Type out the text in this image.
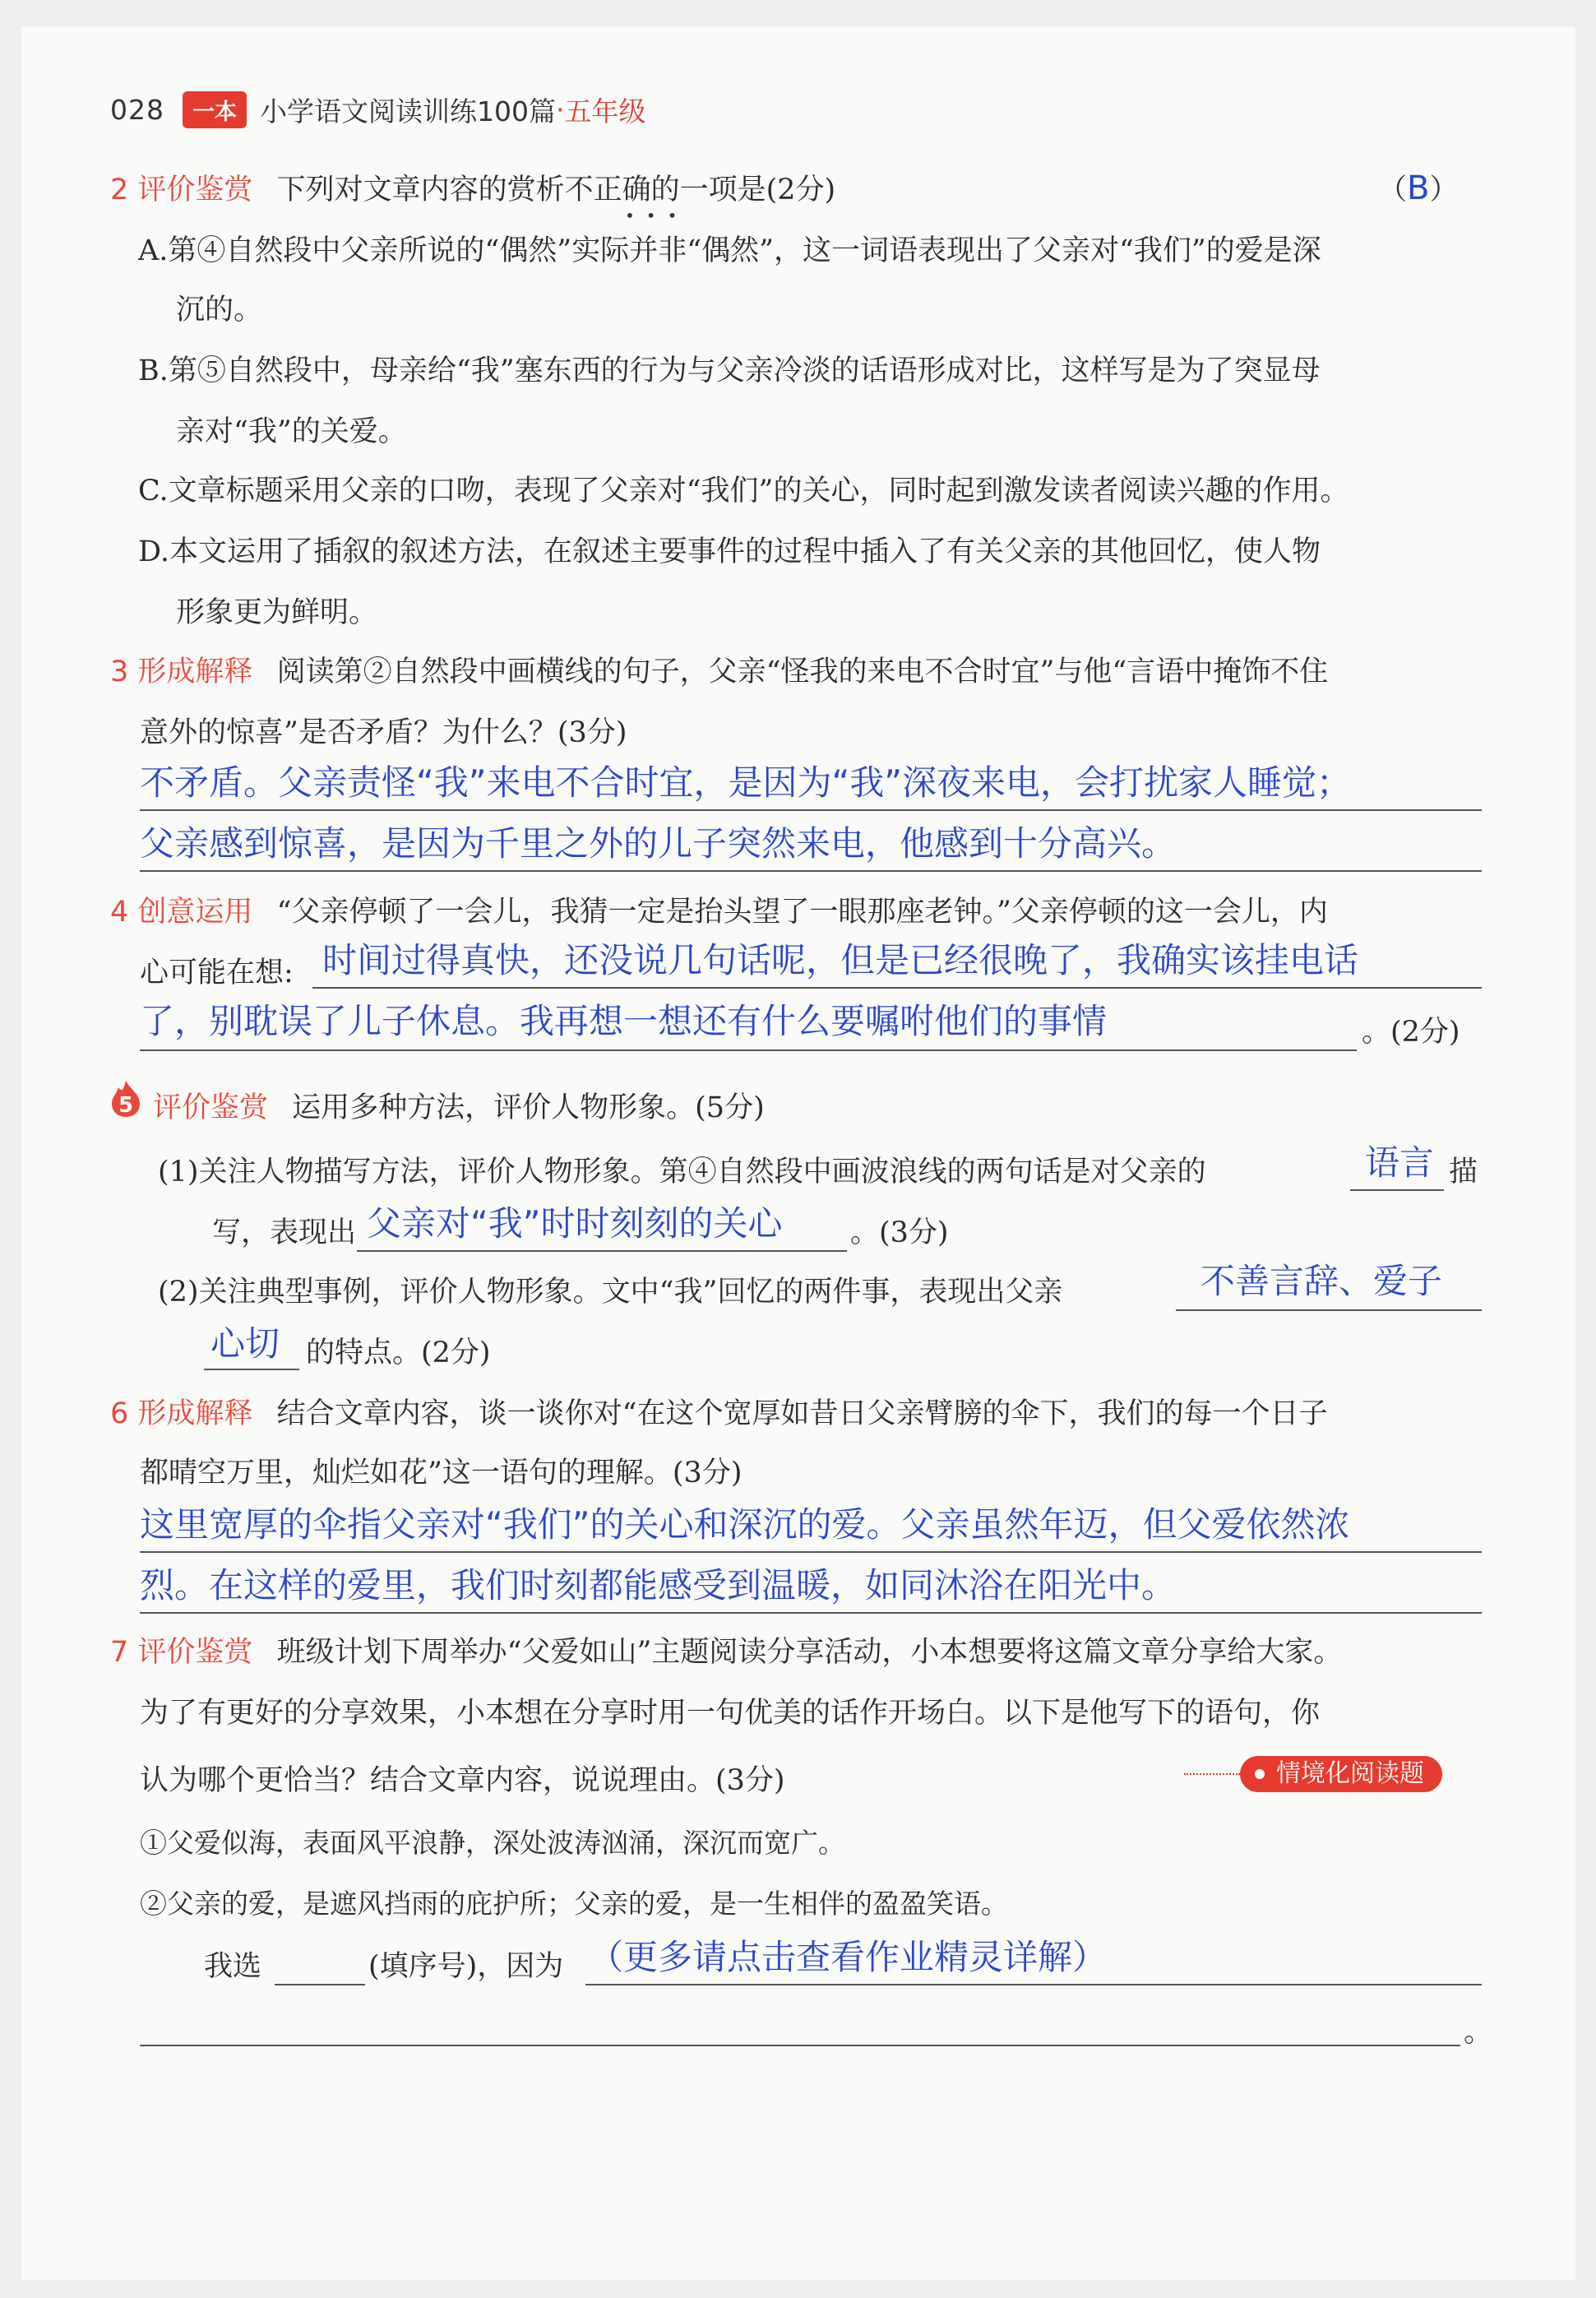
028	一本 小学语文阅读训练100篇 · 五年级
2 评价鉴赏 下列对文章内容的赏析不正确的一项是(2分)
•••
（B）
A.第④自然段中父亲所说的“偶然”实际并非“偶然”，这一词语表现出了父亲对“我们”的爱是深
沉的。
B.第⑤自然段中，母亲给“我”塞东西的行为与父亲冷淡的话语形成对比，这样写是为了突显母
亲对“我”的关爱。
C.文章标题采用父亲的口吻，表现了父亲对“我们”的关心，同时起到激发读者阅读兴趣的作用。
D.本文运用了插叙的叙述方法，在叙述主要事件的过程中插入了有关父亲的其他回忆，使人物
形象更为鲜明。
3 形成解释 阅读第②自然段中画横线的句子，父亲“怪我的来电不合时宜”与他“言语中掩饰不住
意外的惊喜”是否矛盾？为什么？(3分)
不矛盾。父亲责怪“我”来电不合时宜，是因为“我”深夜来电，会打扰家人睡觉；
父亲感到惊喜，是因为千里之外的儿子突然来电，他感到十分高兴。
4 创意运用 “父亲停顿了一会儿，我猜一定是抬头望了一眼那座老钟。”父亲停顿的这一会儿，内
心可能在想: 时间过得真快，还没说几句话呢，但是已经很晚了，我确实该挂电话
了，别耽误了儿子休息。我再想一想还有什么要嘱咐他们的事情	。(2分)
5 评价鉴赏 运用多种方法，评价人物形象。(5分)
(1)关注人物描写方法，评价人物形象。第④自然段中画波浪线的两句话是对父亲的	语言 描
写，表现出 父亲对“我”时时刻刻的关心 。(3分)
(2)关注典型事例，评价人物形象。文中“我”回忆的两件事，表现出父亲	不善言辞、爱子
心切 的特点。(2分)
6 形成解释 结合文章内容，谈一谈你对“在这个宽厚如昔日父亲臂膀的伞下，我们的每一个日子
都晴空万里，灿烂如花”这一语句的理解。(3分)
这里宽厚的伞指父亲对“我们”的关心和深沉的爱。父亲虽然年迈，但父爱依然浓
烈。在这样的爱里，我们时刻都能感受到温暖，如同沐浴在阳光中。
7 评价鉴赏 班级计划下周举办“父爱如山”主题阅读分享活动，小本想要将这篇文章分享给大家。
为了有更好的分享效果，小本想在分享时用一句优美的话作开场白。以下是他写下的语句，你
认为哪个更恰当？结合文章内容，说说理由。(3分)	情境化阅读题
①父爱似海，表面风平浪静，深处波涛汹涌，深沉而宽广。
②父亲的爱，是遮风挡雨的庇护所；父亲的爱，是一生相伴的盈盈笑语。
我选	(填序号)，因为 （更多请点击查看作业精灵详解）
。
